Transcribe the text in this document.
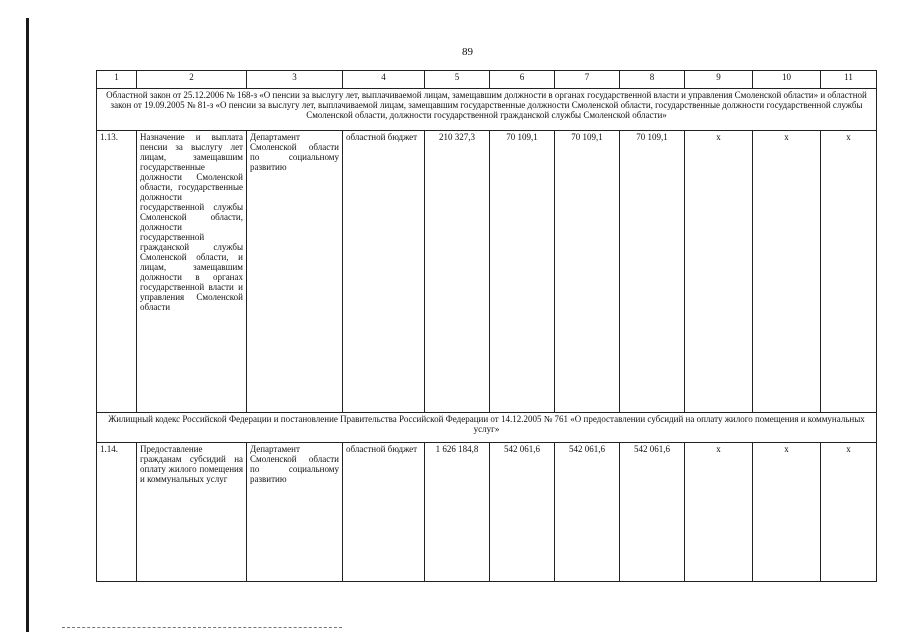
89
1	2	3	4	5	6	7	8	9	10	11
Областной закон от 25.12.2006 № 168-з «О пенсии за выслугу лет, выплачиваемой лицам, замещавшим должности в органах государственной власти и управления Смоленской области» и областной закон от 19.09.2005 № 81-з «О пенсии за выслугу лет, выплачиваемой лицам, замещавшим государственные должности Смоленской области, государственные должности государственной службы Смоленской области, должности государственной гражданской службы Смоленской области»										
1.13.	Назначение и выплата пенсии за выслугу лет лицам, замещавшим государственные должности Смоленской области, государственные должности государственной службы Смоленской области, должности государственной гражданской службы Смоленской области, и лицам, замещавшим должности в органах государственной власти и управления Смоленской области	Департамент Смоленской области по социальному развитию	областной бюджет	210 327,3	70 109,1	70 109,1	70 109,1	х	х	х
Жилищный кодекс Российской Федерации и постановление Правительства Российской Федерации от 14.12.2005 № 761 «О предоставлении субсидий на оплату жилого помещения и коммунальных услуг»										
1.14.	Предоставление гражданам субсидий на оплату жилого помещения и коммунальных услуг	Департамент Смоленской области по социальному развитию	областной бюджет	1 626 184,8	542 061,6	542 061,6	542 061,6	х	х	х
